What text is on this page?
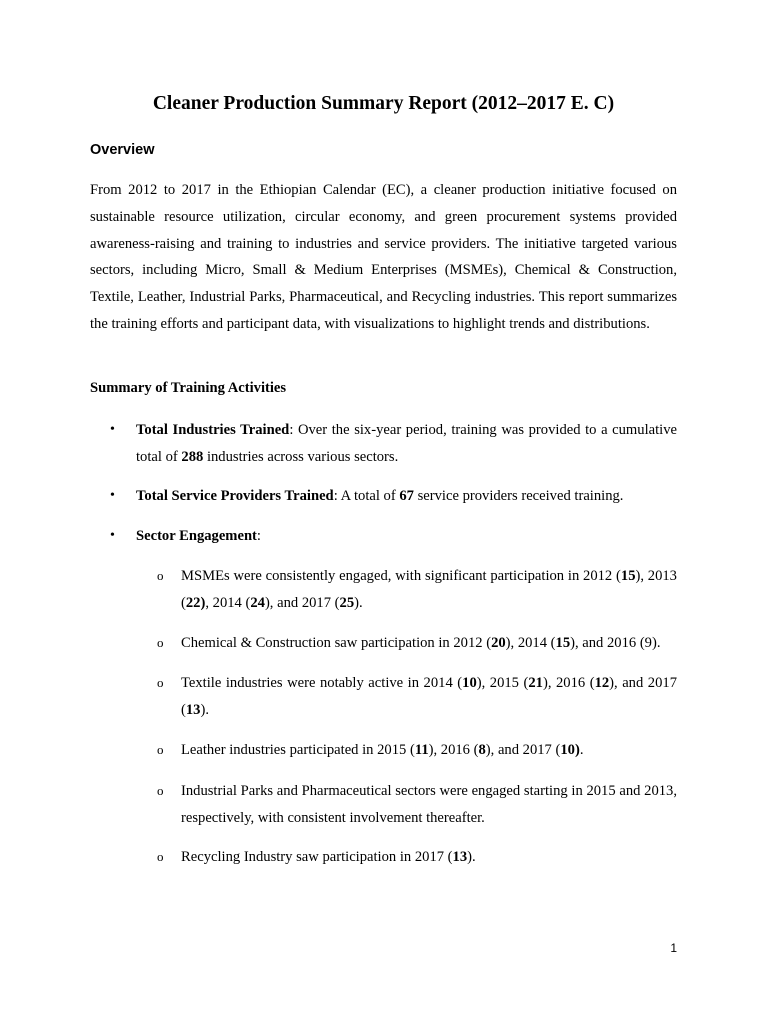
Cleaner Production Summary Report (2012–2017 E. C)
Overview

From 2012 to 2017 in the Ethiopian Calendar (EC), a cleaner production initiative focused on sustainable resource utilization, circular economy, and green procurement systems provided awareness-raising and training to industries and service providers. The initiative targeted various sectors, including Micro, Small & Medium Enterprises (MSMEs), Chemical & Construction, Textile, Leather, Industrial Parks, Pharmaceutical, and Recycling industries. This report summarizes the training efforts and participant data, with visualizations to highlight trends and distributions.

Summary of Training Activities
• Total Industries Trained: Over the six-year period, training was provided to a cumulative total of 288 industries across various sectors.
• Total Service Providers Trained: A total of 67 service providers received training.
• Sector Engagement:
o MSMEs were consistently engaged, with significant participation in 2012 (15), 2013 (22), 2014 (24), and 2017 (25).
o Chemical & Construction saw participation in 2012 (20), 2014 (15), and 2016 (9).
o Textile industries were notably active in 2014 (10), 2015 (21), 2016 (12), and 2017 (13).
o Leather industries participated in 2015 (11), 2016 (8), and 2017 (10).
o Industrial Parks and Pharmaceutical sectors were engaged starting in 2015 and 2013, respectively, with consistent involvement thereafter.
o Recycling Industry saw participation in 2017 (13).

1
